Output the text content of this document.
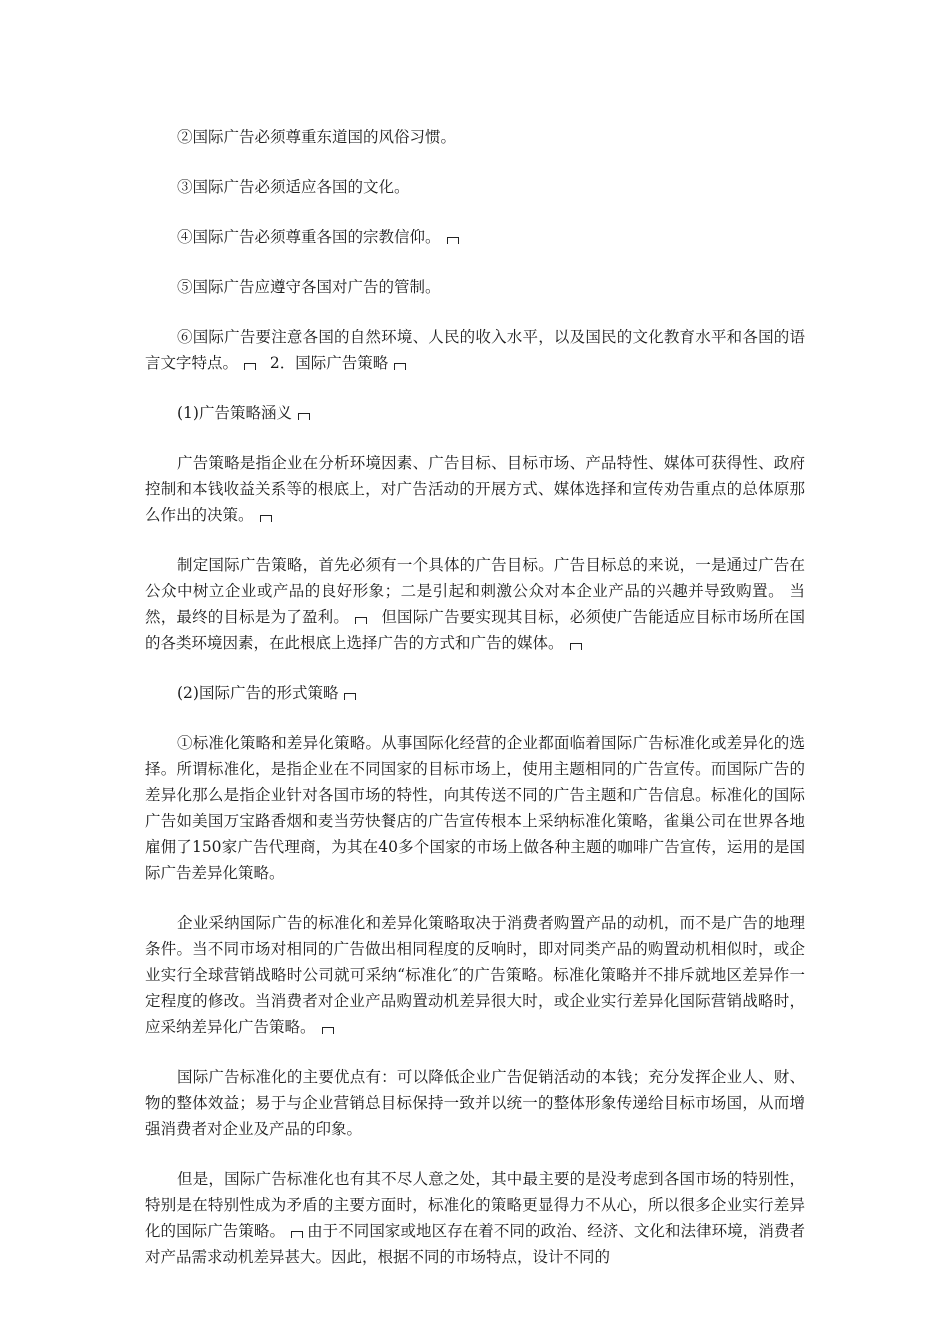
②国际广告必须尊重东道国的风俗习惯。

③国际广告必须适应各国的文化。

④国际广告必须尊重各国的宗教信仰。

⑤国际广告应遵守各国对广告的管制。

⑥国际广告要注意各国的自然环境、人民的收入水平，以及国民的文化教育水平和各国的语言文字特点。 2．国际广告策略

(1)广告策略涵义

广告策略是指企业在分析环境因素、广告目标、目标市场、产品特性、媒体可获得性、政府控制和本钱收益关系等的根底上，对广告活动的开展方式、媒体选择和宣传劝告重点的总体原那么作出的决策。

制定国际广告策略，首先必须有一个具体的广告目标。广告目标总的来说，一是通过广告在公众中树立企业或产品的良好形象；二是引起和刺激公众对本企业产品的兴趣并导致购置。 当然，最终的目标是为了盈利。 但国际广告要实现其目标，必须使广告能适应目标市场所在国的各类环境因素，在此根底上选择广告的方式和广告的媒体。

(2)国际广告的形式策略

①标准化策略和差异化策略。从事国际化经营的企业都面临着国际广告标准化或差异化的选择。所谓标准化，是指企业在不同国家的目标市场上，使用主题相同的广告宣传。而国际广告的差异化那么是指企业针对各国市场的特性，向其传送不同的广告主题和广告信息。标准化的国际广告如美国万宝路香烟和麦当劳快餐店的广告宣传根本上采纳标准化策略，雀巢公司在世界各地雇佣了150家广告代理商，为其在40多个国家的市场上做各种主题的咖啡广告宣传，运用的是国际广告差异化策略。

企业采纳国际广告的标准化和差异化策略取决于消费者购置产品的动机，而不是广告的地理条件。当不同市场对相同的广告做出相同程度的反响时，即对同类产品的购置动机相似时，或企业实行全球营销战略时公司就可采纳“标准化″的广告策略。标准化策略并不排斥就地区差异作一定程度的修改。当消费者对企业产品购置动机差异很大时，或企业实行差异化国际营销战略时，应采纳差异化广告策略。

国际广告标准化的主要优点有：可以降低企业广告促销活动的本钱；充分发挥企业人、财、物的整体效益；易于与企业营销总目标保持一致并以统一的整体形象传递给目标市场国，从而增强消费者对企业及产品的印象。

但是，国际广告标准化也有其不尽人意之处，其中最主要的是没考虑到各国市场的特别性， 特别是在特别性成为矛盾的主要方面时，标准化的策略更显得力不从心，所以很多企业实行差异化的国际广告策略。 由于不同国家或地区存在着不同的政治、经济、文化和法律环境，消费者对产品需求动机差异甚大。因此，根据不同的市场特点，设计不同的
